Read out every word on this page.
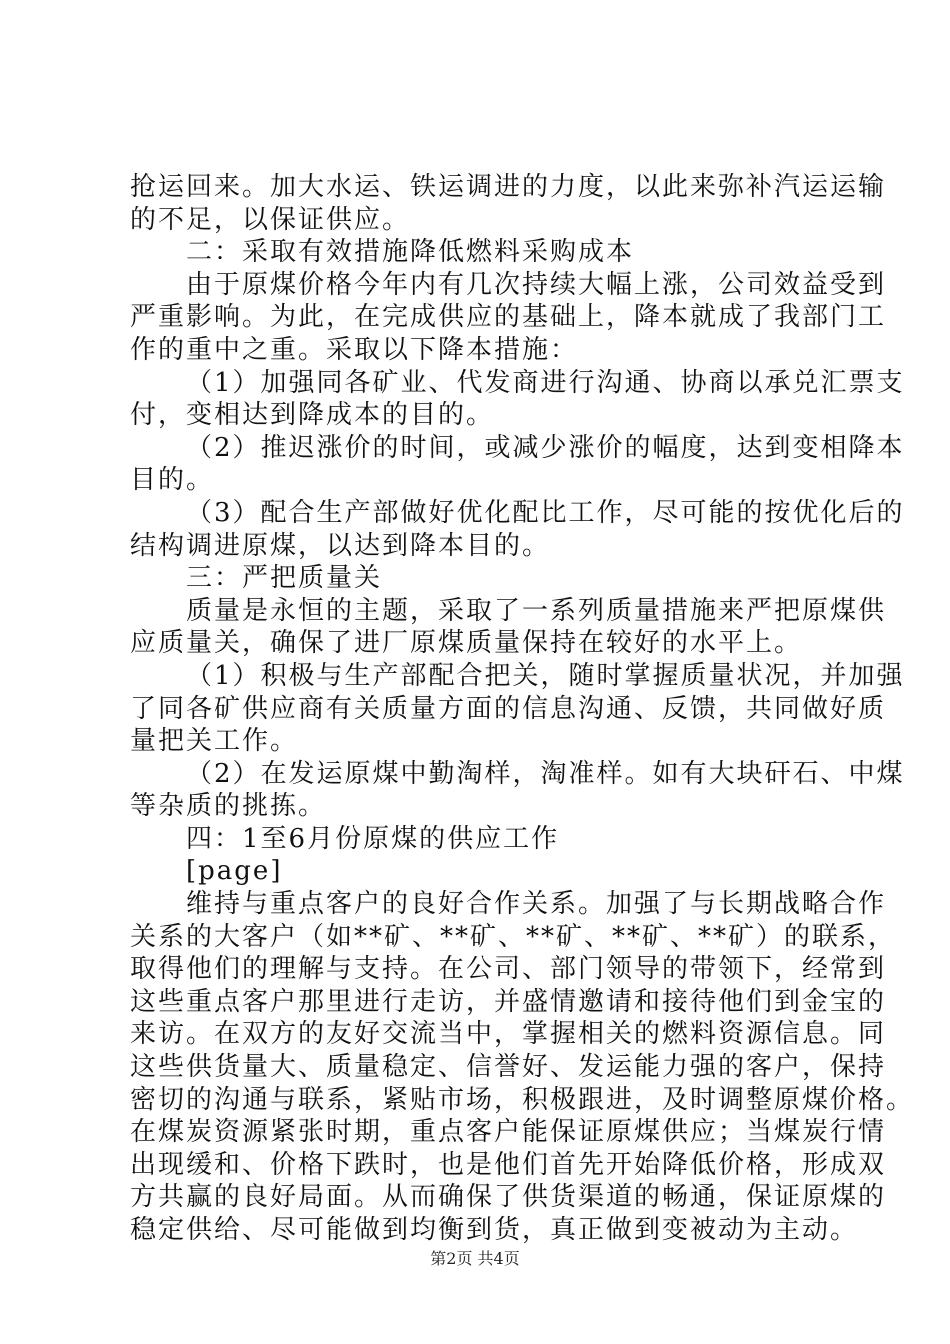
抢运回来。加大水运、铁运调进的力度，以此来弥补汽运运输
的不足，以保证供应。
二：采取有效措施降低燃料采购成本
由于原煤价格今年内有几次持续大幅上涨，公司效益受到
严重影响。为此，在完成供应的基础上，降本就成了我部门工
作的重中之重。采取以下降本措施：
（1）加强同各矿业、代发商进行沟通、协商以承兑汇票支
付，变相达到降成本的目的。
（2）推迟涨价的时间，或减少涨价的幅度，达到变相降本
目的。
（3）配合生产部做好优化配比工作，尽可能的按优化后的
结构调进原煤，以达到降本目的。
三：严把质量关
质量是永恒的主题，采取了一系列质量措施来严把原煤供
应质量关，确保了进厂原煤质量保持在较好的水平上。
（1）积极与生产部配合把关，随时掌握质量状况，并加强
了同各矿供应商有关质量方面的信息沟通、反馈，共同做好质
量把关工作。
（2）在发运原煤中勤淘样，淘准样。如有大块矸石、中煤
等杂质的挑拣。
四：1至6月份原煤的供应工作
[page]
维持与重点客户的良好合作关系。加强了与长期战略合作
关系的大客户（如**矿、**矿、**矿、**矿、**矿）的联系，
取得他们的理解与支持。在公司、部门领导的带领下，经常到
这些重点客户那里进行走访，并盛情邀请和接待他们到金宝的
来访。在双方的友好交流当中，掌握相关的燃料资源信息。同
这些供货量大、质量稳定、信誉好、发运能力强的客户，保持
密切的沟通与联系，紧贴市场，积极跟进，及时调整原煤价格。
在煤炭资源紧张时期，重点客户能保证原煤供应；当煤炭行情
出现缓和、价格下跌时，也是他们首先开始降低价格，形成双
方共赢的良好局面。从而确保了供货渠道的畅通，保证原煤的
稳定供给、尽可能做到均衡到货，真正做到变被动为主动。
第2页 共4页
